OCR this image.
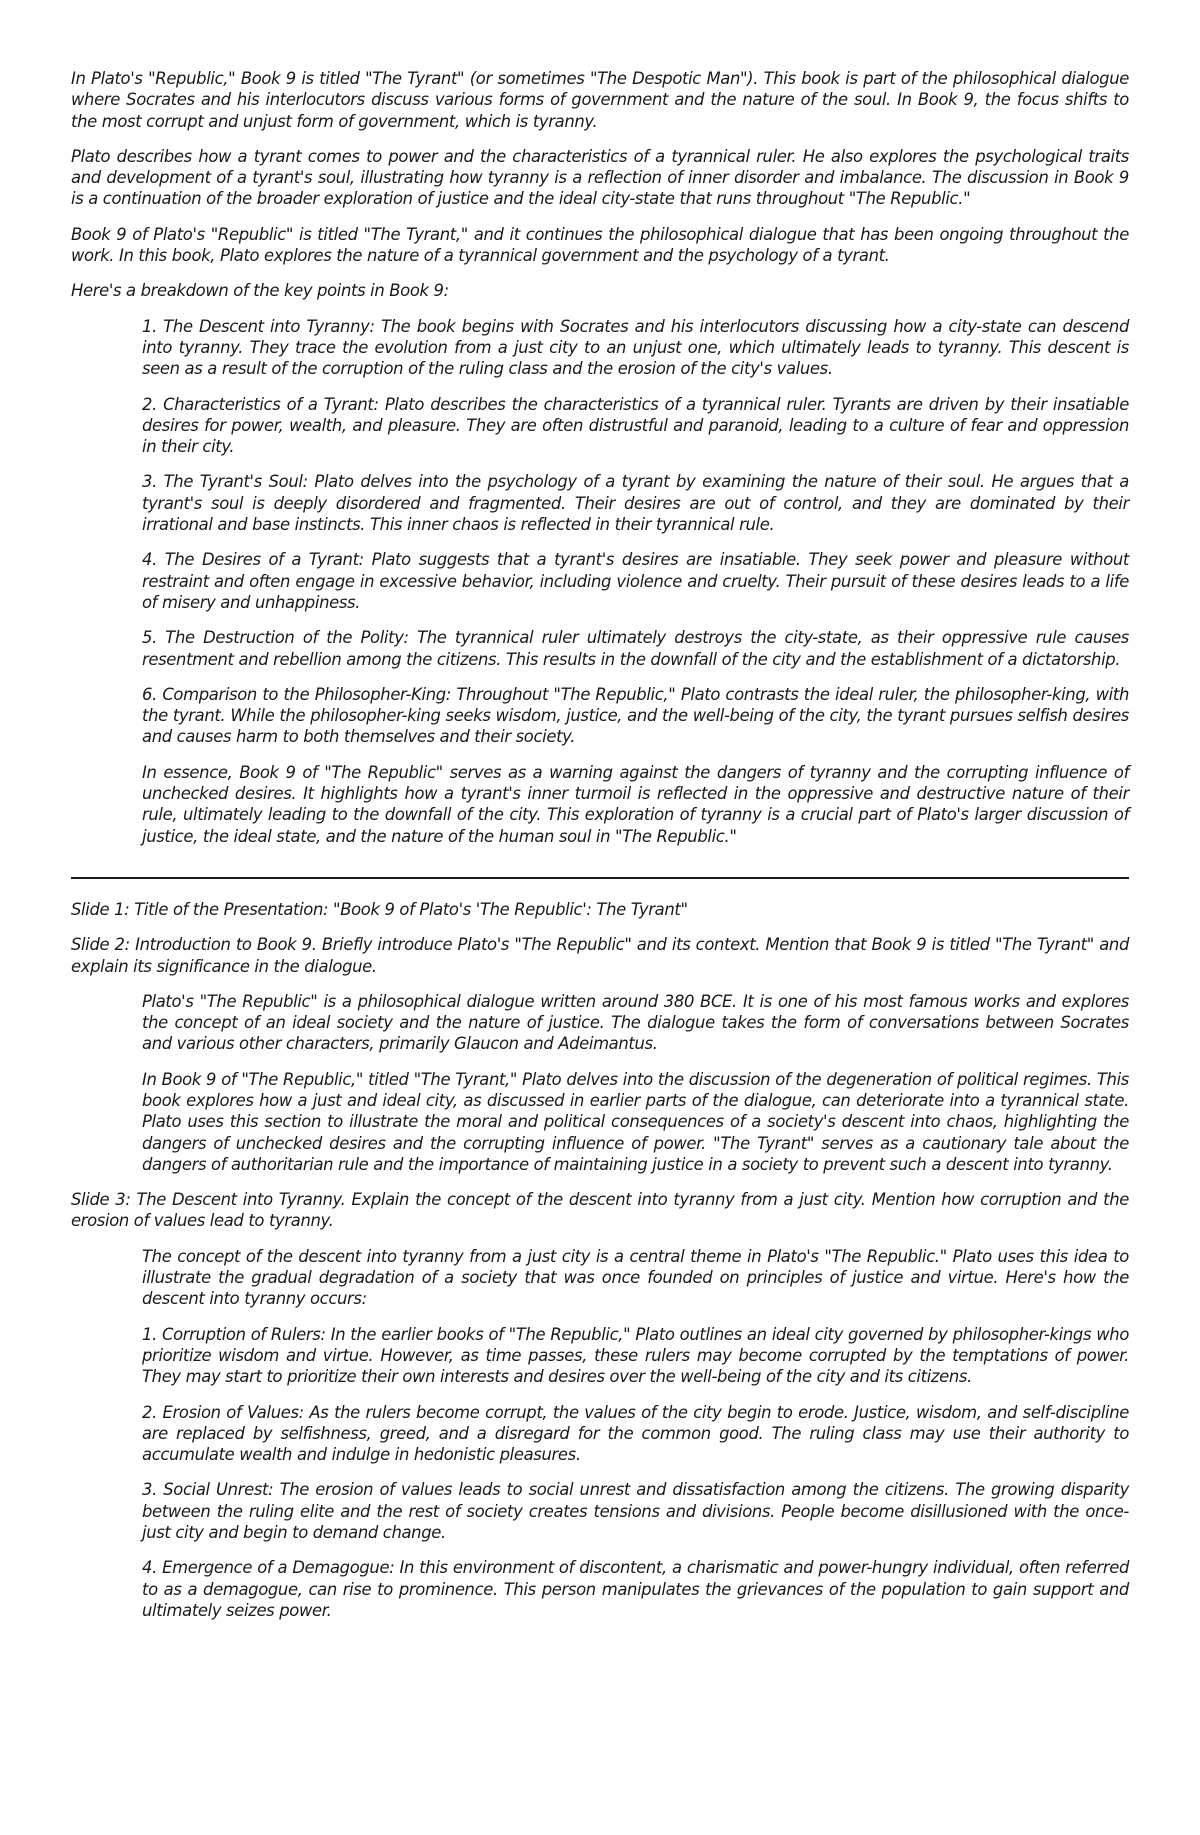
In Plato's "Republic," Book 9 is titled "The Tyrant" (or sometimes "The Despotic Man"). This book is part of the philosophical dialogue where Socrates and his interlocutors discuss various forms of government and the nature of the soul. In Book 9, the focus shifts to the most corrupt and unjust form of government, which is tyranny.

Plato describes how a tyrant comes to power and the characteristics of a tyrannical ruler. He also explores the psychological traits and development of a tyrant's soul, illustrating how tyranny is a reflection of inner disorder and imbalance. The discussion in Book 9 is a continuation of the broader exploration of justice and the ideal city-state that runs throughout "The Republic."

Book 9 of Plato's "Republic" is titled "The Tyrant," and it continues the philosophical dialogue that has been ongoing throughout the work. In this book, Plato explores the nature of a tyrannical government and the psychology of a tyrant.

Here's a breakdown of the key points in Book 9:

1. The Descent into Tyranny: The book begins with Socrates and his interlocutors discussing how a city-state can descend into tyranny. They trace the evolution from a just city to an unjust one, which ultimately leads to tyranny. This descent is seen as a result of the corruption of the ruling class and the erosion of the city's values.

2. Characteristics of a Tyrant: Plato describes the characteristics of a tyrannical ruler. Tyrants are driven by their insatiable desires for power, wealth, and pleasure. They are often distrustful and paranoid, leading to a culture of fear and oppression in their city.

3. The Tyrant's Soul: Plato delves into the psychology of a tyrant by examining the nature of their soul. He argues that a tyrant's soul is deeply disordered and fragmented. Their desires are out of control, and they are dominated by their irrational and base instincts. This inner chaos is reflected in their tyrannical rule.

4. The Desires of a Tyrant: Plato suggests that a tyrant's desires are insatiable. They seek power and pleasure without restraint and often engage in excessive behavior, including violence and cruelty. Their pursuit of these desires leads to a life of misery and unhappiness.

5. The Destruction of the Polity: The tyrannical ruler ultimately destroys the city-state, as their oppressive rule causes resentment and rebellion among the citizens. This results in the downfall of the city and the establishment of a dictatorship.

6. Comparison to the Philosopher-King: Throughout "The Republic," Plato contrasts the ideal ruler, the philosopher-king, with the tyrant. While the philosopher-king seeks wisdom, justice, and the well-being of the city, the tyrant pursues selfish desires and causes harm to both themselves and their society.

In essence, Book 9 of "The Republic" serves as a warning against the dangers of tyranny and the corrupting influence of unchecked desires. It highlights how a tyrant's inner turmoil is reflected in the oppressive and destructive nature of their rule, ultimately leading to the downfall of the city. This exploration of tyranny is a crucial part of Plato's larger discussion of justice, the ideal state, and the nature of the human soul in "The Republic."

Slide 1: Title of the Presentation: "Book 9 of Plato's 'The Republic': The Tyrant"

Slide 2: Introduction to Book 9. Briefly introduce Plato's "The Republic" and its context. Mention that Book 9 is titled "The Tyrant" and explain its significance in the dialogue.

Plato's "The Republic" is a philosophical dialogue written around 380 BCE. It is one of his most famous works and explores the concept of an ideal society and the nature of justice. The dialogue takes the form of conversations between Socrates and various other characters, primarily Glaucon and Adeimantus.

In Book 9 of "The Republic," titled "The Tyrant," Plato delves into the discussion of the degeneration of political regimes. This book explores how a just and ideal city, as discussed in earlier parts of the dialogue, can deteriorate into a tyrannical state. Plato uses this section to illustrate the moral and political consequences of a society's descent into chaos, highlighting the dangers of unchecked desires and the corrupting influence of power. "The Tyrant" serves as a cautionary tale about the dangers of authoritarian rule and the importance of maintaining justice in a society to prevent such a descent into tyranny.

Slide 3: The Descent into Tyranny. Explain the concept of the descent into tyranny from a just city. Mention how corruption and the erosion of values lead to tyranny.

The concept of the descent into tyranny from a just city is a central theme in Plato's "The Republic." Plato uses this idea to illustrate the gradual degradation of a society that was once founded on principles of justice and virtue. Here's how the descent into tyranny occurs:

1. Corruption of Rulers: In the earlier books of "The Republic," Plato outlines an ideal city governed by philosopher-kings who prioritize wisdom and virtue. However, as time passes, these rulers may become corrupted by the temptations of power. They may start to prioritize their own interests and desires over the well-being of the city and its citizens.

2. Erosion of Values: As the rulers become corrupt, the values of the city begin to erode. Justice, wisdom, and self-discipline are replaced by selfishness, greed, and a disregard for the common good. The ruling class may use their authority to accumulate wealth and indulge in hedonistic pleasures.

3. Social Unrest: The erosion of values leads to social unrest and dissatisfaction among the citizens. The growing disparity between the ruling elite and the rest of society creates tensions and divisions. People become disillusioned with the once-just city and begin to demand change.

4. Emergence of a Demagogue: In this environment of discontent, a charismatic and power-hungry individual, often referred to as a demagogue, can rise to prominence. This person manipulates the grievances of the population to gain support and ultimately seizes power.
